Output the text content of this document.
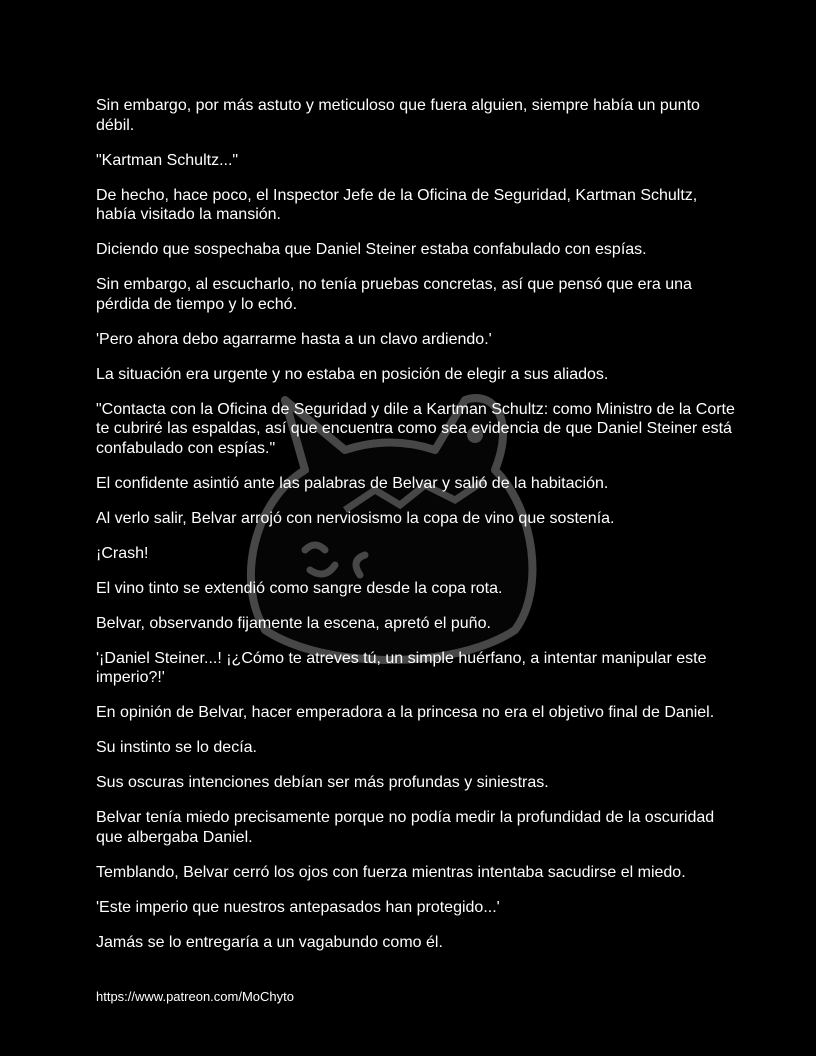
Sin embargo, por más astuto y meticuloso que fuera alguien, siempre había un punto débil.

"Kartman Schultz..."

De hecho, hace poco, el Inspector Jefe de la Oficina de Seguridad, Kartman Schultz, había visitado la mansión.

Diciendo que sospechaba que Daniel Steiner estaba confabulado con espías.

Sin embargo, al escucharlo, no tenía pruebas concretas, así que pensó que era una pérdida de tiempo y lo echó.

'Pero ahora debo agarrarme hasta a un clavo ardiendo.'

La situación era urgente y no estaba en posición de elegir a sus aliados.

"Contacta con la Oficina de Seguridad y dile a Kartman Schultz: como Ministro de la Corte te cubriré las espaldas, así que encuentra como sea evidencia de que Daniel Steiner está confabulado con espías."

El confidente asintió ante las palabras de Belvar y salió de la habitación.

Al verlo salir, Belvar arrojó con nerviosismo la copa de vino que sostenía.

¡Crash!

El vino tinto se extendió como sangre desde la copa rota.

Belvar, observando fijamente la escena, apretó el puño.

'¡Daniel Steiner...! ¡¿Cómo te atreves tú, un simple huérfano, a intentar manipular este imperio?!'

En opinión de Belvar, hacer emperadora a la princesa no era el objetivo final de Daniel.

Su instinto se lo decía.

Sus oscuras intenciones debían ser más profundas y siniestras.

Belvar tenía miedo precisamente porque no podía medir la profundidad de la oscuridad que albergaba Daniel.

Temblando, Belvar cerró los ojos con fuerza mientras intentaba sacudirse el miedo.

'Este imperio que nuestros antepasados han protegido...'

Jamás se lo entregaría a un vagabundo como él.

https://www.patreon.com/MoChyto
